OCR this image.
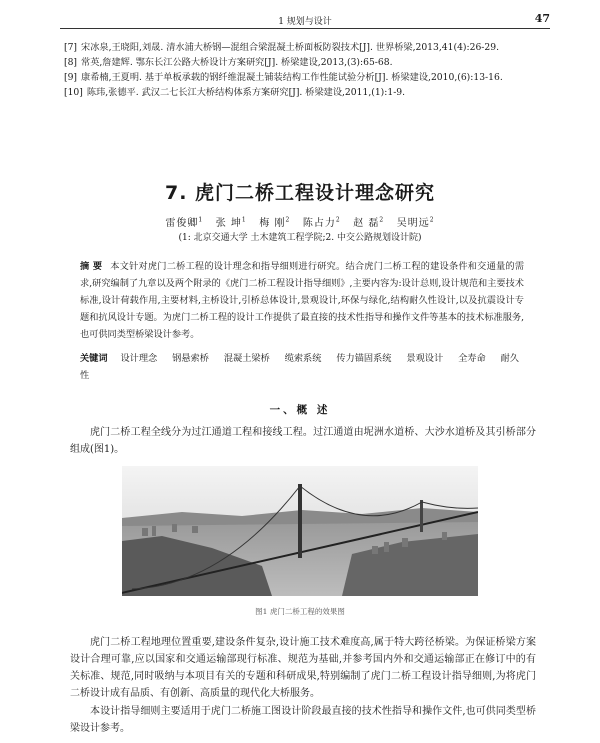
1 规划与设计	47
[7] 宋冰泉,王晓阳,刘晟. 清水浦大桥钢—混组合梁混凝土桥面板防裂技术[J]. 世界桥梁,2013,41(4):26-29.
[8] 常英,詹建辉. 鄂东长江公路大桥设计方案研究[J]. 桥梁建设,2013,(3):65-68.
[9] 康希楠,王夏明. 基于单板承载的钢纤维混凝土铺装结构工作性能试验分析[J]. 桥梁建设,2010,(6):13-16.
[10] 陈玮,张德平. 武汉二七长江大桥结构体系方案研究[J]. 桥梁建设,2011,(1):1-9.
7. 虎门二桥工程设计理念研究
雷俊卿$^1$ 张 坤$^1$ 梅 刚$^2$ 陈占力$^2$ 赵 磊$^2$ 吴明远$^2$
(1: 北京交通大学 土木建筑工程学院;2. 中交公路规划设计院)
摘 要 本文针对虎门二桥工程的设计理念和指导细则进行研究。结合虎门二桥工程的建设条件和交通量的需求,研究编制了九章以及两个附录的《虎门二桥工程设计指导细则》,主要内容为:设计总则,设计规范和主要技术标准,设计荷载作用,主要材料,主桥设计,引桥总体设计,景观设计,环保与绿化,结构耐久性设计,以及抗震设计专题和抗风设计专题。为虎门二桥工程的设计工作提供了最直接的技术性指导和操作文件等基本的技术标准服务,也可供同类型桥梁设计参考。
关键词 设计理念 钢悬索桥 混凝土梁桥 缆索系统 传力锚固系统 景观设计 全寿命 耐久性
一、概 述
虎门二桥工程全线分为过江通道工程和接线工程。过江通道由坭洲水道桥、大沙水道桥及其引桥部分组成(图1)。
图1 虎门二桥工程的效果图
虎门二桥工程地理位置重要,建设条件复杂,设计施工技术难度高,属于特大跨径桥梁。为保证桥梁方案设计合理可靠,应以国家和交通运输部现行标准、规范为基础,并参考国内外和交通运输部正在修订中的有关标准、规范,同时吸纳与本项目有关的专题和科研成果,特别编制了虎门二桥工程设计指导细则,为将虎门二桥设计成有品质、有创新、高质量的现代化大桥服务。
本设计指导细则主要适用于虎门二桥施工图设计阶段最直接的技术性指导和操作文件,也可供同类型桥梁设计参考。
